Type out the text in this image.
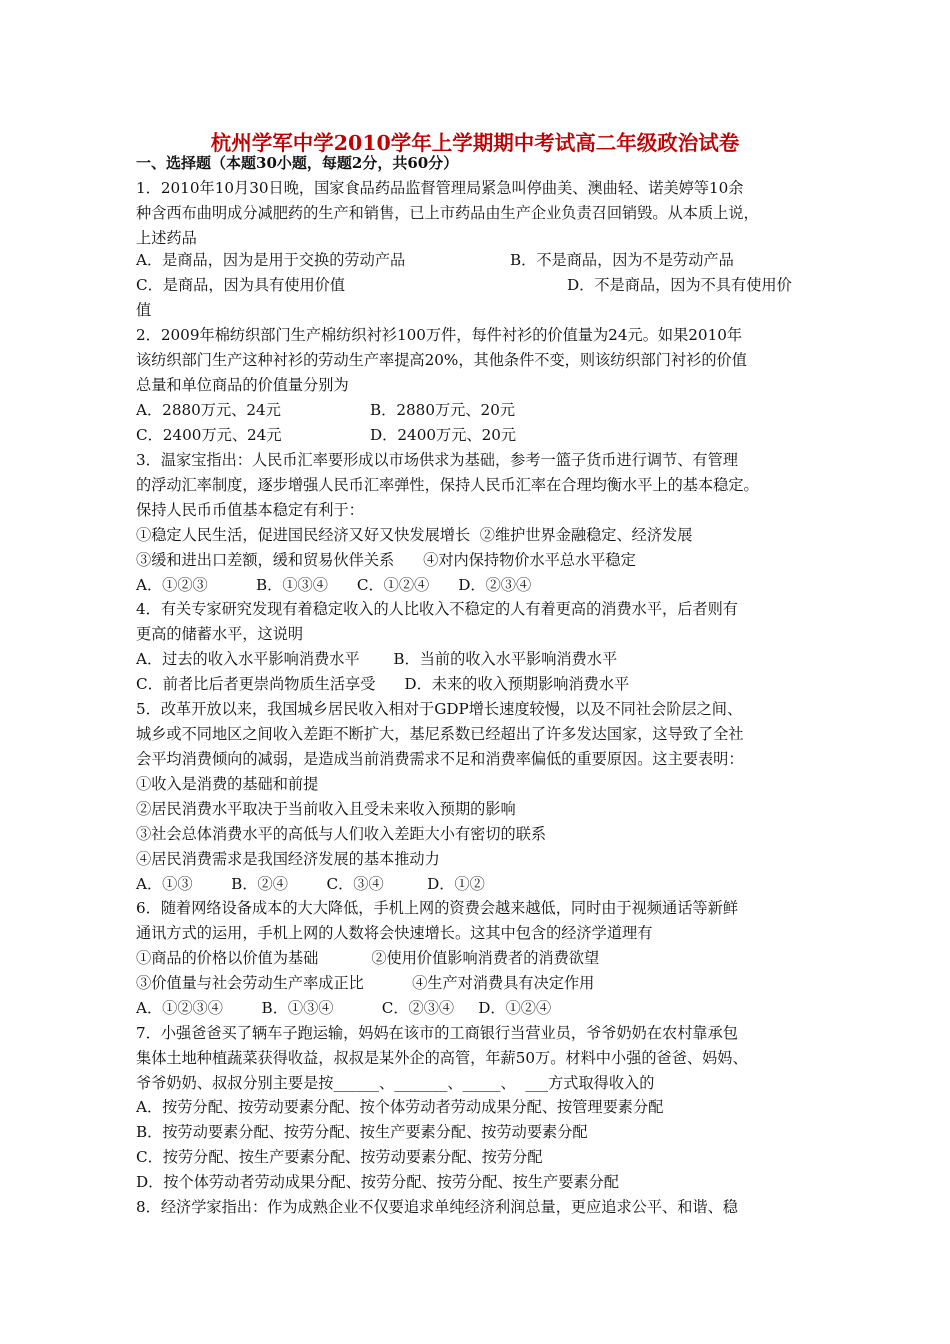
杭州学军中学2010学年上学期期中考试高二年级政治试卷
一、选择题（本题30小题，每题2分，共60分）
1．2010年10月30日晚，国家食品药品监督管理局紧急叫停曲美、澳曲轻、诺美婷等10余
种含西布曲明成分减肥药的生产和销售，已上市药品由生产企业负责召回销毁。从本质上说，
上述药品
A．是商品，因为是用于交换的劳动产品	B．不是商品，因为不是劳动产品
C．是商品，因为具有使用价值	D．不是商品，因为不具有使用价
值
2．2009年棉纺织部门生产棉纺织衬衫100万件，每件衬衫的价值量为24元。如果2010年
该纺织部门生产这种衬衫的劳动生产率提高20%，其他条件不变，则该纺织部门衬衫的价值
总量和单位商品的价值量分别为
A．2880万元、24元	B．2880万元、20元
C．2400万元、24元	D．2400万元、20元
3．温家宝指出：人民币汇率要形成以市场供求为基础，参考一篮子货币进行调节、有管理
的浮动汇率制度，逐步增强人民币汇率弹性，保持人民币汇率在合理均衡水平上的基本稳定。
保持人民币币值基本稳定有利于：
①稳定人民生活，促进国民经济又好又快发展增长  ②维护世界金融稳定、经济发展
③缓和进出口差额，缓和贸易伙伴关系      ④对内保持物价水平总水平稳定
A．①②③          B．①③④      C．①②④      D．②③④
4．有关专家研究发现有着稳定收入的人比收入不稳定的人有着更高的消费水平，后者则有
更高的储蓄水平，这说明
A．过去的收入水平影响消费水平       B．当前的收入水平影响消费水平
C．前者比后者更崇尚物质生活享受      D．未来的收入预期影响消费水平
5．改革开放以来，我国城乡居民收入相对于GDP增长速度较慢，以及不同社会阶层之间、
城乡或不同地区之间收入差距不断扩大，基尼系数已经超出了许多发达国家，这导致了全社
会平均消费倾向的减弱，是造成当前消费需求不足和消费率偏低的重要原因。这主要表明：
①收入是消费的基础和前提
②居民消费水平取决于当前收入且受未来收入预期的影响
③社会总体消费水平的高低与人们收入差距大小有密切的联系
④居民消费需求是我国经济发展的基本推动力
A．①③        B．②④        C．③④         D．①②
6．随着网络设备成本的大大降低，手机上网的资费会越来越低，同时由于视频通话等新鲜
通讯方式的运用，手机上网的人数将会快速增长。这其中包含的经济学道理有
①商品的价格以价值为基础           ②使用价值影响消费者的消费欲望
③价值量与社会劳动生产率成正比          ④生产对消费具有决定作用
A．①②③④        B．①③④          C．②③④     D．①②④
7．小强爸爸买了辆车子跑运输，妈妈在该市的工商银行当营业员，爷爷奶奶在农村靠承包
集体土地种植蔬菜获得收益，叔叔是某外企的高管，年薪50万。材料中小强的爸爸、妈妈、
爷爷奶奶、叔叔分别主要是按______、_______、_____、  ___方式取得收入的
A．按劳分配、按劳动要素分配、按个体劳动者劳动成果分配、按管理要素分配
B．按劳动要素分配、按劳分配、按生产要素分配、按劳动要素分配
C．按劳分配、按生产要素分配、按劳动要素分配、按劳分配
D．按个体劳动者劳动成果分配、按劳分配、按劳分配、按生产要素分配
8．经济学家指出：作为成熟企业不仅要追求单纯经济利润总量，更应追求公平、和谐、稳
